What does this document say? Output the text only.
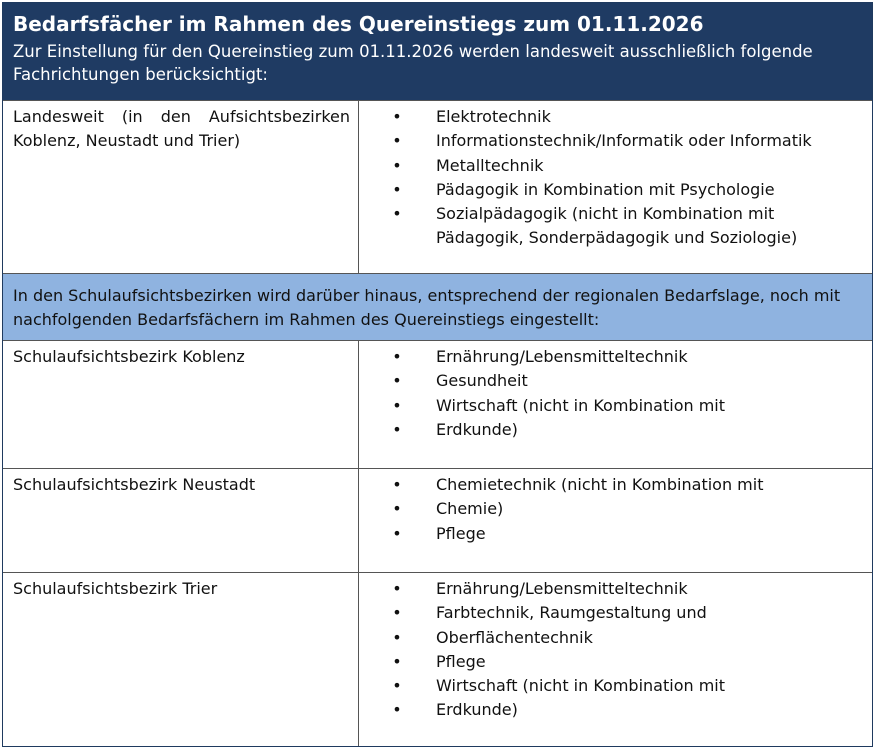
Bedarfsfächer im Rahmen des Quereinstiegs zum 01.11.2026
Zur Einstellung für den Quereinstieg zum 01.11.2026 werden landesweit ausschließlich folgende Fachrichtungen berücksichtigt:
Landesweit (in den Aufsichtsbezirken Koblenz, Neustadt und Trier)
•	Elektrotechnik
•	Informationstechnik/Informatik oder Informatik
•	Metalltechnik
•	Pädagogik in Kombination mit Psychologie
•	Sozialpädagogik (nicht in Kombination mit Pädagogik, Sonderpädagogik und Soziologie)
In den Schulaufsichtsbezirken wird darüber hinaus, entsprechend der regionalen Bedarfslage, noch mit nachfolgenden Bedarfsfächern im Rahmen des Quereinstiegs eingestellt:
Schulaufsichtsbezirk Koblenz	•	Ernährung/Lebensmitteltechnik
•	Gesundheit
•	Wirtschaft (nicht in Kombination mit
•	Erdkunde)
Schulaufsichtsbezirk Neustadt	•	Chemietechnik (nicht in Kombination mit
•	Chemie)
•	Pflege
Schulaufsichtsbezirk Trier	•	Ernährung/Lebensmitteltechnik
•	Farbtechnik, Raumgestaltung und
•	Oberflächentechnik
•	Pflege
•	Wirtschaft (nicht in Kombination mit
•	Erdkunde)
